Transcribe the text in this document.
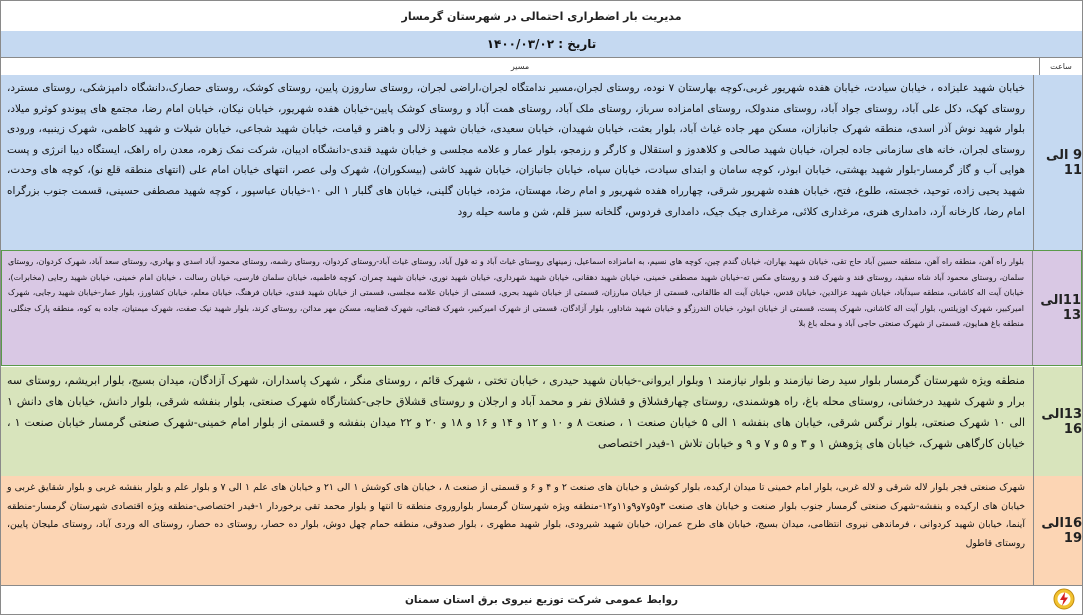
مدیریت بار اضطراری احتمالی در شهرستان گرمسار
تاریخ :

۱۴۰۰/۰۳/۰۲
ساعت
مسیر
9 الی 11
خیابان شهید علیزاده ، خیابان سیادت، خیابان هفده شهریور غربی،کوچه بهارستان ۷ نوده، روستای لجران،مسیر ندامتگاه لجران،اراضی لجران، روستای ساروزن پایین، روستای کوشک، روستای حصارک،دانشگاه دامپزشکی، روستای مسترد، روستای کهک، دکل علی آباد، روستای جواد آباد، روستای مندولک، روستای امامزاده سرباز، روستای ملک آباد، روستای همت آباد و روستای کوشک پایین-خیابان هفده شهریور، خیابان نیکان، خیابان امام رضا، مجتمع های پیوندو کوثرو میلاد، بلوار شهید نوش آذر اسدی، منطقه شهرک جانبازان، مسکن مهر جاده غیاث آباد، بلوار بعثت، خیابان شهیدان، خیابان سعیدی، خیابان شهید زلالی و باهنر و قیامت، خیابان شهید شجاعی، خیابان شیلات و شهید کاظمی، شهرک زینبیه، ورودی روستای لجران، خانه های سازمانی جاده لجران، خیابان شهید صالحی و کلاهدوز و استقلال و کارگر و رزمجو، بلوار عمار و علامه مجلسی و خیابان شهید قندی-دانشگاه ادیبان، شرکت نمک زهره، معدن راه راهک، ایستگاه دیبا انرژی و پست هوایی آب و گاز گرمسار-بلوار شهید بهشتی، خیابان ابوذر، کوچه سامان و ابتدای سیادت، خیابان سپاه، خیابان جانبازان، خیابان شهید کاشی (بیسکوران)، شهرک ولی عصر، انتهای خیابان امام علی (انتهای منطقه قلع نو)، کوچه های وحدت، شهید یحیی زاده، توحید، خجسته، طلوع، فتح، خیابان هفده شهریور شرقی، چهارراه هفده شهریور و امام رضا، مهستان، مژده، خیابان گلینی، خیابان های گلبار ۱ الی ۱۰-خیابان عباسپور ، کوچه شهید مصطفی حسینی، قسمت جنوب بزرگراه امام رضا، کارخانه آرد، دامداری هنری، مرغداری کلائی، مرغداری جیک جیک، دامداری فردوس، گلخانه سبز قلم، شن و ماسه حیله رود
11الی 13
بلوار راه آهن، منطقه راه آهن، منطقه حسین آباد حاج تقی، خیابان شهید بهاران، خیابان گندم چین، کوچه های نسیم، به امامزاده اسماعیل، زمینهای روستای غیاث آباد و ته قول آباد، روستای غیاث آباد-روستای کردوان، روستای رشمه، روستای محمود آباد اسدی و بهادری، روستای سعد آباد، شهرک کردوان، روستای سلمان، روستای محمود آباد شاه سفید، روستای قند و شهرک قند و روستای مکس ته-خیابان شهید مصطفی خمینی، خیابان شهید دهقانی، خیابان شهید شهرداری، خیابان شهید نوری، خیابان شهید چمران، کوچه فاطمیه، خیابان سلمان فارسی، خیابان رسالت ، خیابان امام خمینی، خیابان شهید رجایی (مخابرات)، خیابان آیت اله کاشانی، منطقه سیدآباد، خیابان شهید عزالدین، خیابان قدس، خیابان آیت اله طالقانی، قسمتی از خیابان مبارزان، قسمتی از خیابان شهید بحری، قسمتی از خیابان علامه مجلسی، قسمتی از خیابان شهید قندی، خیابان فرهنگ، خیابان معلم، خیابان کشاورز، بلوار عمار-خیابان شهید رجایی، شهرک امیرکبیر، شهرک اوزیلتس، بلوار آیت اله کاشانی، شهرک پست، قسمتی از خیابان ابوذر، خیابان الندرزگو و خیابان شهید شاداور، بلوار آزادگان، قسمتی از شهرک امیرکبیر، شهرک قضائی، شهرک قضاییه، مسکن مهر مدائن، روستای کرند، بلوار شهید نیک صفت، شهرک میمنیان، جاده به کوه، منطقه پارک جنگلی، منطقه باغ همایون، قسمتی از شهرک صنعتی حاجی آباد و محله باغ بلا
13الی 16
منطقه ویژه شهرستان گرمسار بلوار سید رضا نیازمند و بلوار نیازمند ۱ وبلوار ایروانی-خیابان شهید حیدری ، خیابان تختی ، شهرک قائم ، روستای منگر ، شهرک پاسداران، شهرک آزادگان، میدان بسیج، بلوار ابریشم، روستای سه برار و شهرک شهید درخشانی، روستای محله باغ، راه هوشمندی، روستای چهارقشلاق و قشلاق نفر و محمد آباد و ارجلان و روستای قشلاق حاجی-کشتارگاه شهرک صنعتی، بلوار بنفشه شرقی، بلوار دانش، خیابان های دانش ۱ الی ۱۰ شهرک صنعتی، بلوار نرگس شرقی، خیابان های بنفشه ۱ الی ۵ خیابان صنعت ۱ ، صنعت ۸ و ۱۰ و ۱۲ و ۱۴ و ۱۶ و ۱۸ و ۲۰ و ۲۲ میدان بنفشه و قسمتی از بلوار امام خمینی-شهرک صنعتی گرمسار خیابان صنعت ۱ ، خیابان کارگاهی شهرک، خیابان های پژوهش ۱ و ۳ و ۵ و ۷ و ۹ و خیابان تلاش ۱-فیدر اختصاصی
16الی 19
شهرک صنعتی فجر بلوار لاله شرقی و لاله غربی، بلوار امام خمینی تا میدان ارکیده، بلوار کوشش و خیابان های صنعت ۲ و ۴ و ۶ و قسمتی از صنعت ۸ ، خیابان های کوشش ۱ الی ۲۱ و خیابان های علم ۱ الی ۷ و بلوار علم و بلوار بنفشه غربی و بلوار شقایق غربی و خیابان های ارکیده و بنفشه-شهرک صنعتی گرمسار جنوب بلوار صنعت و خیابان های صنعت ۳و۵و۷و۹و۱۱و۱۲-منطقه ویژه شهرستان گرمسار بلواروروی منطقه تا انتها و بلوار محمد تقی برخوردار ۱-فیدر اختصاصی-منطقه ویژه اقتصادی شهرستان گرمسار-منطقه آینما، خیابان شهید کردوانی ، فرماندهی نیروی انتظامی، میدان بسیج، خیابان های طرح عمران، خیابان شهید شیرودی، بلوار شهید مطهری ، بلوار صدوقی، منطقه حمام چهل دوش، بلوار ده حصار، روستای ده حصار، روستای اله وردی آباد، روستای ملیجان پایین، روستای قاطول
روابط عمومی شرکت توزیع نیروی برق استان سمنان
